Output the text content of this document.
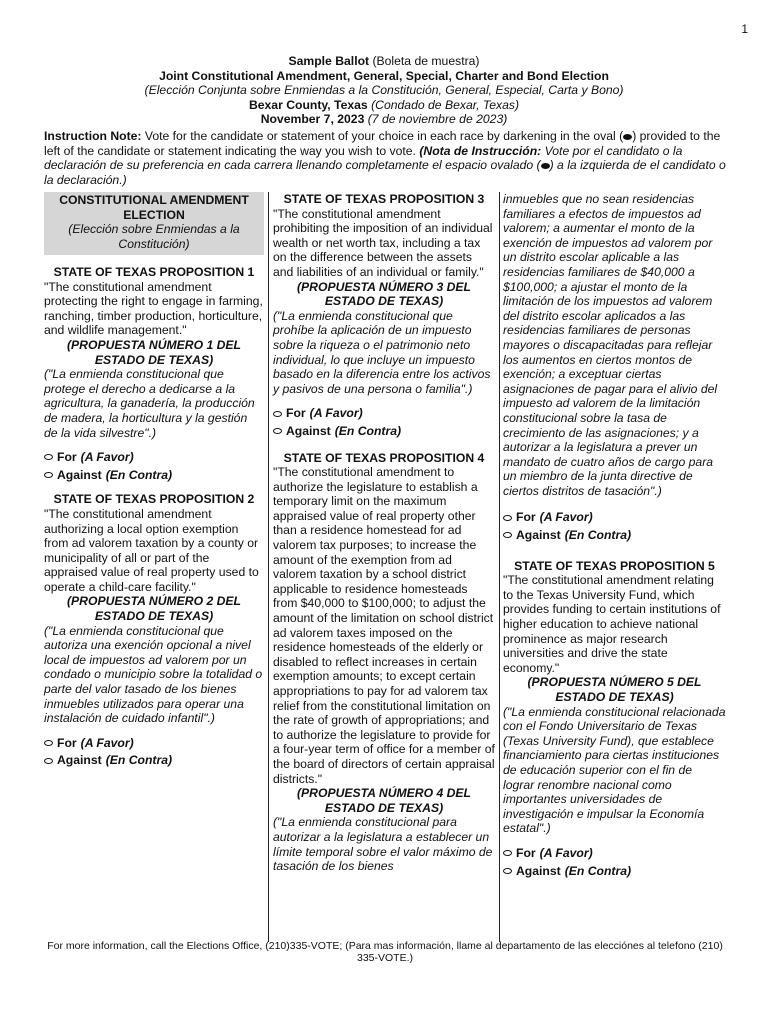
1
Sample Ballot (Boleta de muestra)
Joint Constitutional Amendment, General, Special, Charter and Bond Election
(Elección Conjunta sobre Enmiendas a la Constitución, General, Especial, Carta y Bono)
Bexar County, Texas (Condado de Bexar, Texas)
November 7, 2023 (7 de noviembre de 2023)
Instruction Note: Vote for the candidate or statement of your choice in each race by darkening in the oval ( ) provided to the left of the candidate or statement indicating the way you wish to vote. (Nota de Instrucción: Vote por el candidato o la declaración de su preferencia en cada carrera llenando completamente el espacio ovalado ( ) a la izquierda de el candidato o la declaración.)
CONSTITUTIONAL AMENDMENT ELECTION
(Elección sobre Enmiendas a la Constitución)
STATE OF TEXAS PROPOSITION 1
"The constitutional amendment protecting the right to engage in farming, ranching, timber production, horticulture, and wildlife management."
(PROPUESTA NÚMERO 1 DEL ESTADO DE TEXAS)
("La enmienda constitucional que protege el derecho a dedicarse a la agricultura, la ganadería, la producción de madera, la horticultura y la gestión de la vida silvestre".)
For (A Favor)
Against (En Contra)
STATE OF TEXAS PROPOSITION 2
"The constitutional amendment authorizing a local option exemption from ad valorem taxation by a county or municipality of all or part of the appraised value of real property used to operate a child-care facility."
(PROPUESTA NÚMERO 2 DEL ESTADO DE TEXAS)
("La enmienda constitucional que autoriza una exención opcional a nivel local de impuestos ad valorem por un condado o municipio sobre la totalidad o parte del valor tasado de los bienes inmuebles utilizados para operar una instalación de cuidado infantil".)
For (A Favor)
Against (En Contra)
STATE OF TEXAS PROPOSITION 3
"The constitutional amendment prohibiting the imposition of an individual wealth or net worth tax, including a tax on the difference between the assets and liabilities of an individual or family."
(PROPUESTA NÚMERO 3 DEL ESTADO DE TEXAS)
("La enmienda constitucional que prohíbe la aplicación de un impuesto sobre la riqueza o el patrimonio neto individual, lo que incluye un impuesto basado en la diferencia entre los activos y pasivos de una persona o familia".)
For (A Favor)
Against (En Contra)
STATE OF TEXAS PROPOSITION 4
"The constitutional amendment to authorize the legislature to establish a temporary limit on the maximum appraised value of real property other than a residence homestead for ad valorem tax purposes; to increase the amount of the exemption from ad valorem taxation by a school district applicable to residence homesteads from $40,000 to $100,000; to adjust the amount of the limitation on school district ad valorem taxes imposed on the residence homesteads of the elderly or disabled to reflect increases in certain exemption amounts; to except certain appropriations to pay for ad valorem tax relief from the constitutional limitation on the rate of growth of appropriations; and to authorize the legislature to provide for a four-year term of office for a member of the board of directors of certain appraisal districts."
(PROPUESTA NÚMERO 4 DEL ESTADO DE TEXAS)
("La enmienda constitucional para autorizar a la legislatura a establecer un límite temporal sobre el valor máximo de tasación de los bienes
inmuebles que no sean residencias familiares a efectos de impuestos ad valorem; a aumentar el monto de la exención de impuestos ad valorem por un distrito escolar aplicable a las residencias familiares de $40,000 a $100,000; a ajustar el monto de la limitación de los impuestos ad valorem del distrito escolar aplicados a las residencias familiares de personas mayores o discapacitadas para reflejar los aumentos en ciertos montos de exención; a exceptuar ciertas asignaciones de pagar para el alivio del impuesto ad valorem de la limitación constitucional sobre la tasa de crecimiento de las asignaciones; y a autorizar a la legislatura a prever un mandato de cuatro años de cargo para un miembro de la junta directive de ciertos distritos de tasación".)
For (A Favor)
Against (En Contra)
STATE OF TEXAS PROPOSITION 5
"The constitutional amendment relating to the Texas University Fund, which provides funding to certain institutions of higher education to achieve national prominence as major research universities and drive the state economy."
(PROPUESTA NÚMERO 5 DEL ESTADO DE TEXAS)
("La enmienda constitucional relacionada con el Fondo Universitario de Texas (Texas University Fund), que establece financiamiento para ciertas instituciones de educación superior con el fin de lograr renombre nacional como importantes universidades de investigación e impulsar la Economía estatal".)
For (A Favor)
Against (En Contra)
For more information, call the Elections Office, (210)335-VOTE; (Para mas información, llame al departamento de las elecciónes al telefono (210) 335-VOTE.)
